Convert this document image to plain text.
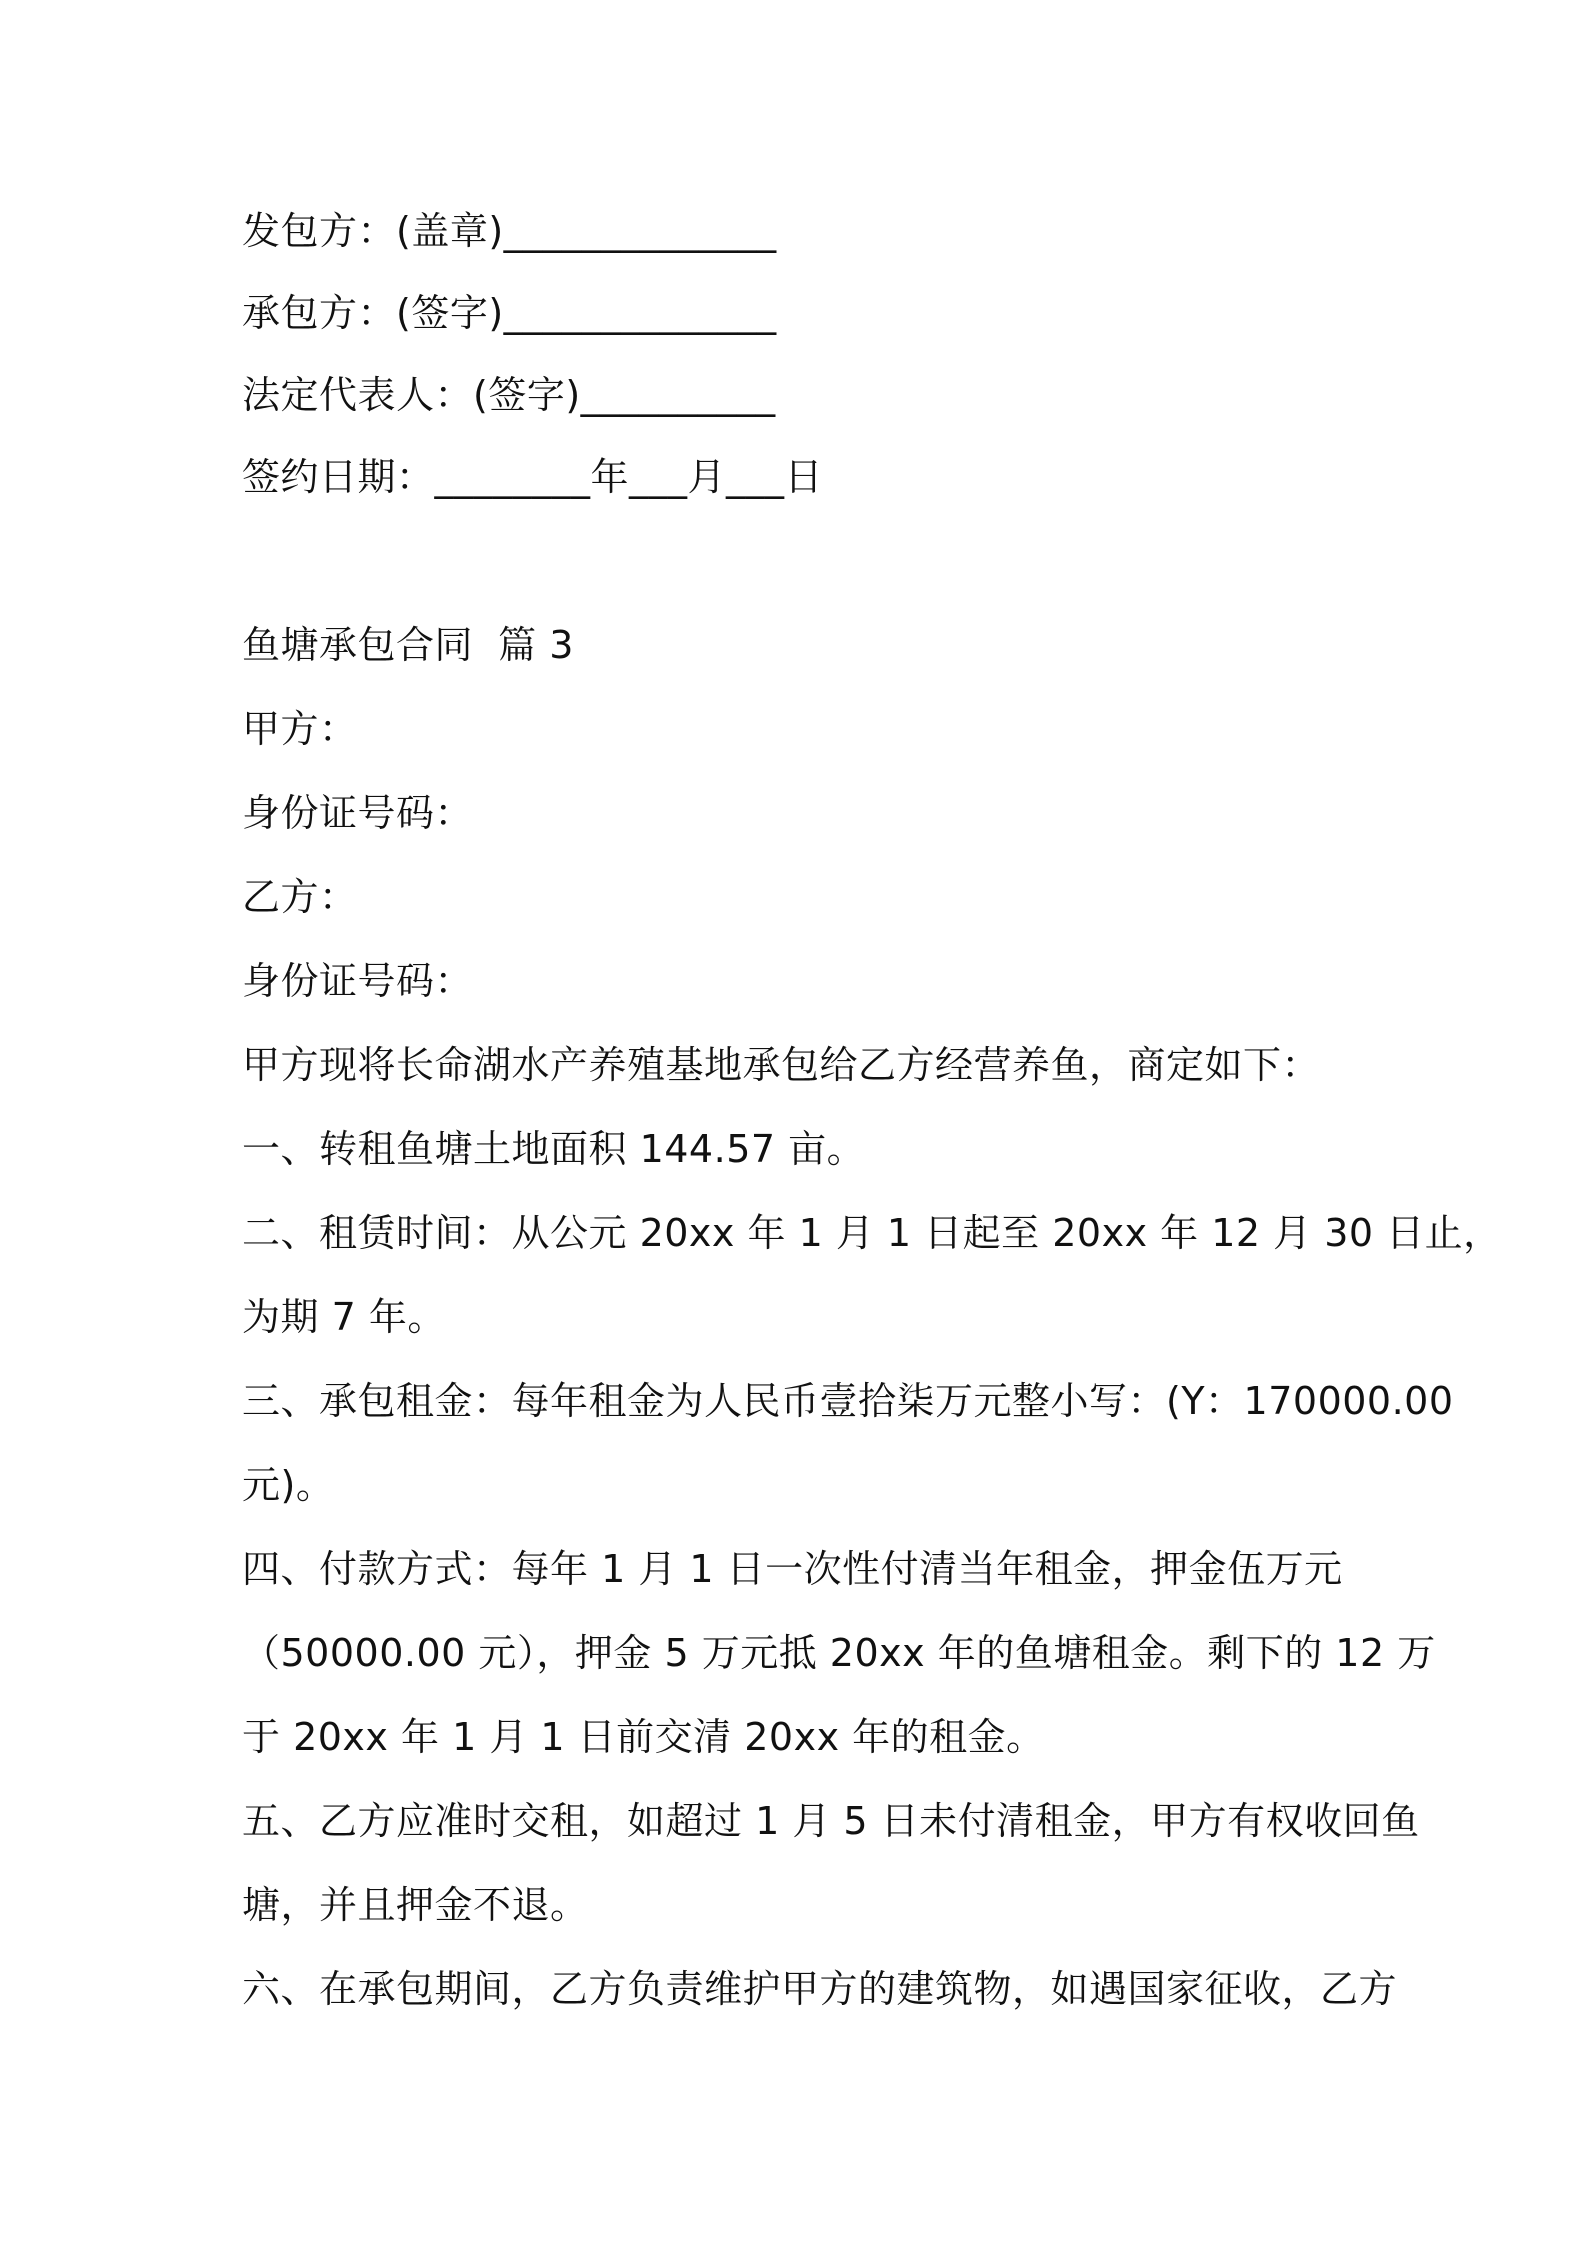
发包方：(盖章)______________

承包方：(签字)______________

法定代表人：(签字)__________

签约日期：________年___月___日

鱼塘承包合同  篇 3

甲方：

身份证号码：

乙方：

身份证号码：

甲方现将长命湖水产养殖基地承包给乙方经营养鱼，商定如下：

一、转租鱼塘土地面积 144.57 亩。

二、租赁时间：从公元 20xx 年 1 月 1 日起至 20xx 年 12 月 30 日止，

为期 7 年。

三、承包租金：每年租金为人民币壹拾柒万元整小写：(Y：170000.00

元)。

四、付款方式：每年 1 月 1 日一次性付清当年租金，押金伍万元

（50000.00 元），押金 5 万元抵 20xx 年的鱼塘租金。剩下的 12 万

于 20xx 年 1 月 1 日前交清 20xx 年的租金。

五、乙方应准时交租，如超过 1 月 5 日未付清租金，甲方有权收回鱼

塘，并且押金不退。

六、在承包期间，乙方负责维护甲方的建筑物，如遇国家征收，乙方
